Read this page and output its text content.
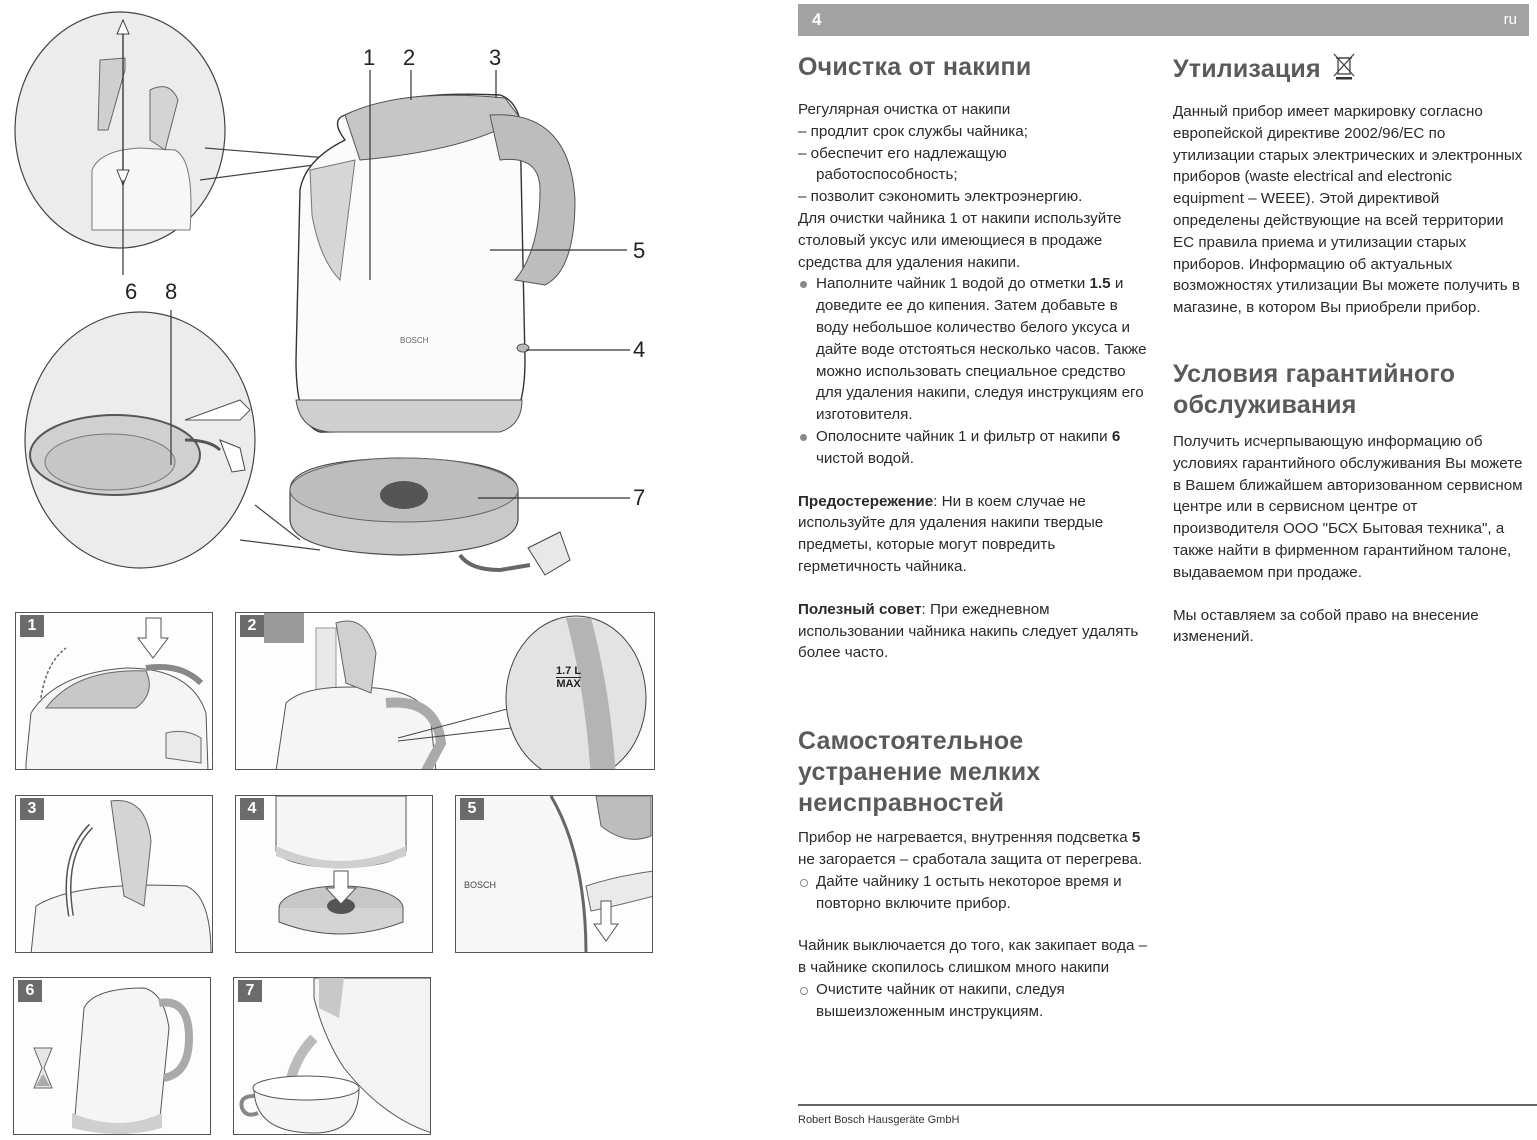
BOSCH
1 2	3
4
5
6
7
8
1	2
1.7 L
MAX
3	4
BOSCH
5
6	7
4	ru
Очистка от накипи

Регулярная очистка от накипи

– продлит срок службы чайника;
– обеспечит его надлежащую работоспособность;
– позволит сэкономить электроэнергию.

Для очистки чайника 1 от накипи используйте столовый уксус или имеющиеся в продаже средства для удаления накипи.

Наполните чайник 1 водой до отметки 1.5 и доведите ее до кипения. Затем добавьте в воду небольшое количество белого уксуса и дайте воде отстояться несколько часов. Также можно использовать специальное средство для удаления накипи, следуя инструкциям его изготовителя.
Ополосните чайник 1 и фильтр от накипи 6 чистой водой.

Предостережение: Ни в коем случае не используйте для удаления накипи твердые предметы, которые могут повредить герметичность чайника.

Полезный совет: При ежедневном использовании чайника накипь следует удалять более часто.

Самостоятельное устранение мелких неисправностей

Прибор не нагревается, внутренняя подсветка 5 не загорается – сработала защита от перегрева.

Дайте чайнику 1 остыть некоторое время и повторно включите прибор.

Чайник выключается до того, как закипает вода – в чайнике скопилось слишком много накипи

Очистите чайник от накипи, следуя вышеизложенным инструкциям.
Утилизация

Данный прибор имеет маркировку согласно европейской директиве 2002/96/EC по утилизации старых электрических и электронных приборов (waste electrical and electronic equipment – WEEE). Этой директивой определены действующие на всей территории ЕС правила приема и утилизации старых приборов. Информацию об актуальных возможностях утилизации Вы можете получить в магазине, в котором Вы приобрели прибор.

Условия гарантийного обслуживания

Получить исчерпывающую информацию об условиях гарантийного обслуживания Вы можете в Вашем ближайшем авторизованном сервисном центре или в сервисном центре от производителя ООО "БСХ Бытовая техника", а также найти в фирменном гарантийном талоне, выдаваемом при продаже.

Мы оставляем за собой право на внесение изменений.

Robert Bosch Hausgeräte GmbH
